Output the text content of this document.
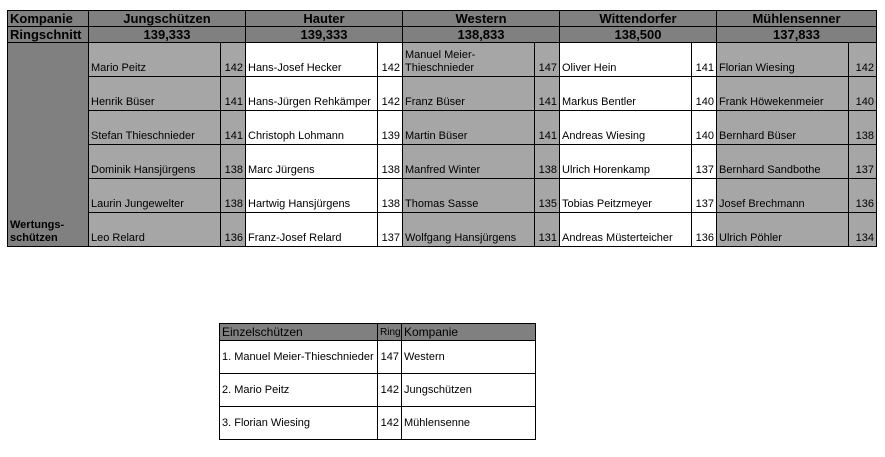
Kompanie	Jungschützen		Hauter		Western		Wittendorfer		Mühlensenner	
Ringschnitt	139,333		139,333		138,833		138,500		137,833	
Wertungs-
schützen	Mario Peitz	142	Hans-Josef Hecker	142	Manuel Meier-Thieschnieder	147	Oliver Hein	141	Florian Wiesing	142
	Henrik Büser	141	Hans-Jürgen Rehkämper	142	Franz Büser	141	Markus Bentler	140	Frank Höwekenmeier	140
	Stefan Thieschnieder	141	Christoph Lohmann	139	Martin Büser	141	Andreas Wiesing	140	Bernhard Büser	138
	Dominik Hansjürgens	138	Marc Jürgens	138	Manfred Winter	138	Ulrich Horenkamp	137	Bernhard Sandbothe	137
	Laurin Jungewelter	138	Hartwig Hansjürgens	138	Thomas Sasse	135	Tobias Peitzmeyer	137	Josef Brechmann	136
	Leo Relard	136	Franz-Josef Relard	137	Wolfgang Hansjürgens	131	Andreas Müsterteicher	136	Ulrich Pöhler	134
Einzelschützen	Ring	Kompanie
1. Manuel Meier-Thieschnieder	147	Western
2. Mario Peitz	142	Jungschützen
3. Florian Wiesing	142	Mühlensenne
